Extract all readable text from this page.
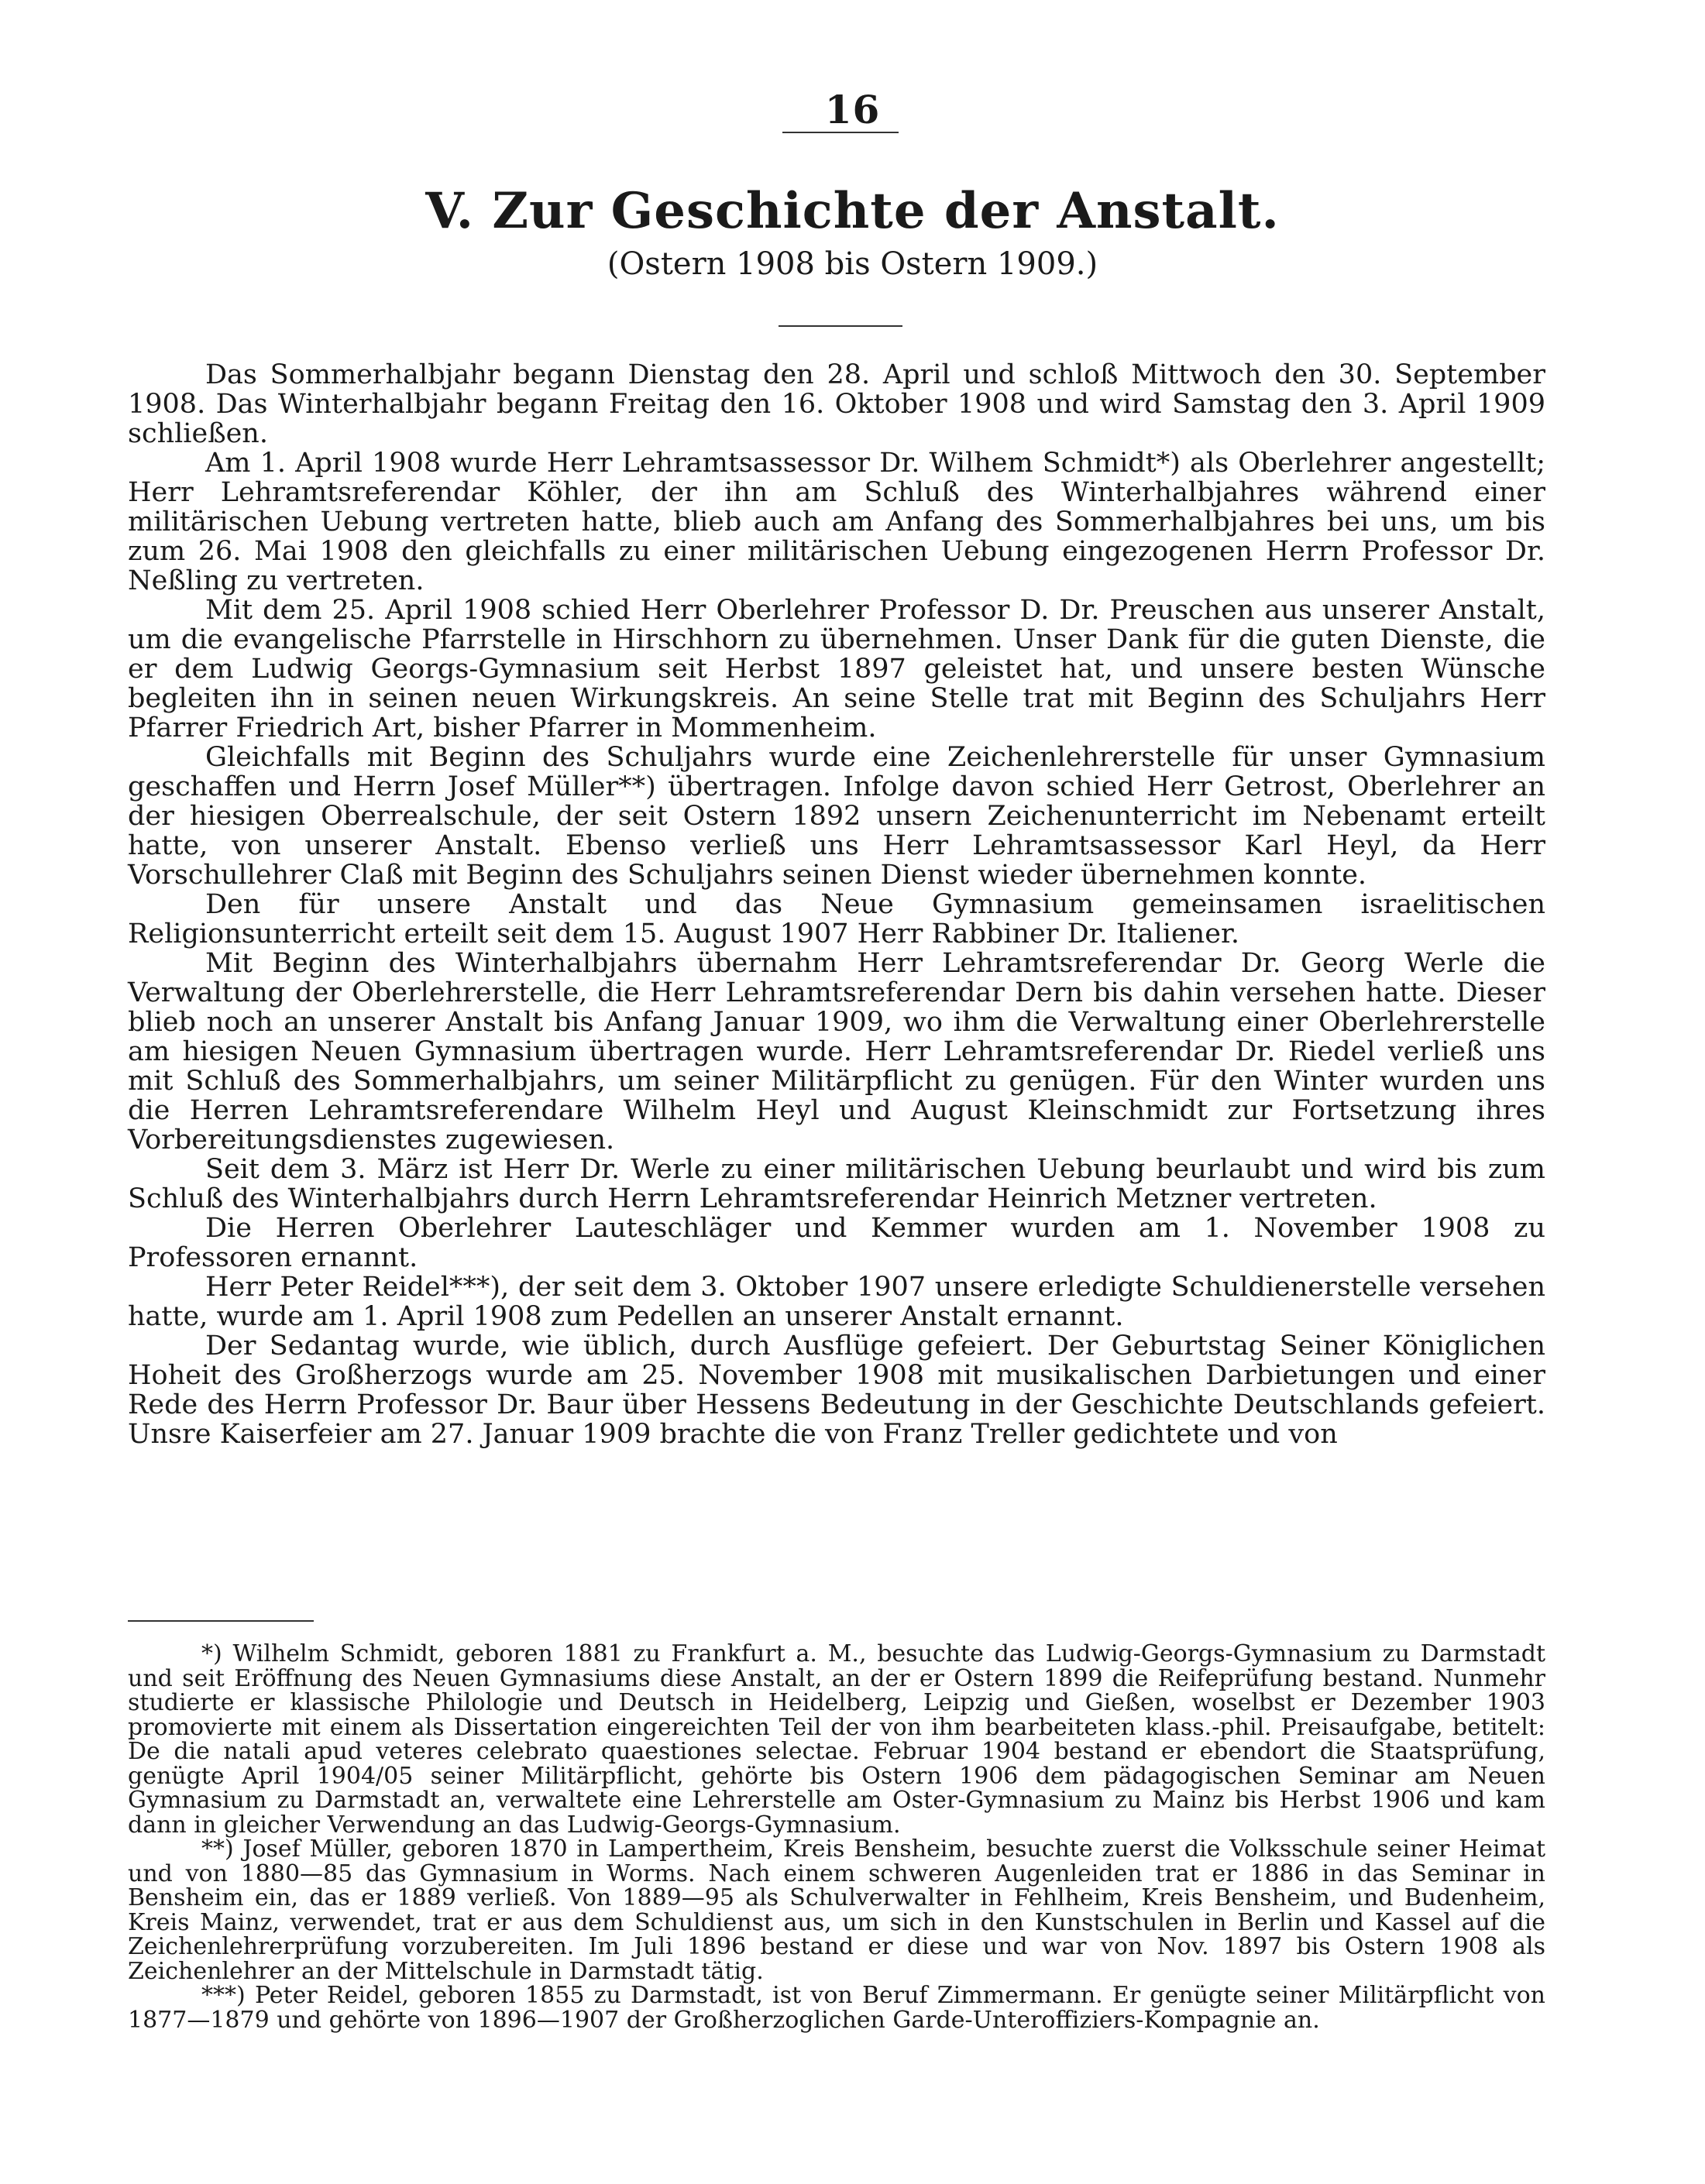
16
V. Zur Geschichte der Anstalt.
(Ostern 1908 bis Ostern 1909.)

Das Sommerhalbjahr begann Dienstag den 28. April und schloß Mittwoch den 30. September 1908. Das Winterhalbjahr begann Freitag den 16. Oktober 1908 und wird Samstag den 3. April 1909 schließen.

Am 1. April 1908 wurde Herr Lehramtsassessor Dr. Wilhem Schmidt*) als Oberlehrer angestellt; Herr Lehramtsreferendar Köhler, der ihn am Schluß des Winterhalbjahres während einer militärischen Uebung vertreten hatte, blieb auch am Anfang des Sommerhalbjahres bei uns, um bis zum 26. Mai 1908 den gleichfalls zu einer militärischen Uebung eingezogenen Herrn Professor Dr. Neßling zu vertreten.

Mit dem 25. April 1908 schied Herr Oberlehrer Professor D. Dr. Preuschen aus unserer Anstalt, um die evangelische Pfarrstelle in Hirschhorn zu übernehmen. Unser Dank für die guten Dienste, die er dem Ludwig Georgs-Gymnasium seit Herbst 1897 geleistet hat, und unsere besten Wünsche begleiten ihn in seinen neuen Wirkungskreis. An seine Stelle trat mit Beginn des Schuljahrs Herr Pfarrer Friedrich Art, bisher Pfarrer in Mommenheim.

Gleichfalls mit Beginn des Schuljahrs wurde eine Zeichenlehrerstelle für unser Gymnasium geschaffen und Herrn Josef Müller**) übertragen. Infolge davon schied Herr Getrost, Oberlehrer an der hiesigen Oberrealschule, der seit Ostern 1892 unsern Zeichenunterricht im Nebenamt erteilt hatte, von unserer Anstalt. Ebenso verließ uns Herr Lehramtsassessor Karl Heyl, da Herr Vorschullehrer Claß mit Beginn des Schuljahrs seinen Dienst wieder übernehmen konnte.

Den für unsere Anstalt und das Neue Gymnasium gemeinsamen israelitischen Religionsunterricht erteilt seit dem 15. August 1907 Herr Rabbiner Dr. Italiener.

Mit Beginn des Winterhalbjahrs übernahm Herr Lehramtsreferendar Dr. Georg Werle die Verwaltung der Oberlehrerstelle, die Herr Lehramtsreferendar Dern bis dahin versehen hatte. Dieser blieb noch an unserer Anstalt bis Anfang Januar 1909, wo ihm die Verwaltung einer Oberlehrerstelle am hiesigen Neuen Gymnasium übertragen wurde. Herr Lehramtsreferendar Dr. Riedel verließ uns mit Schluß des Sommerhalbjahrs, um seiner Militärpflicht zu genügen. Für den Winter wurden uns die Herren Lehramtsreferendare Wilhelm Heyl und August Kleinschmidt zur Fortsetzung ihres Vorbereitungsdienstes zugewiesen.

Seit dem 3. März ist Herr Dr. Werle zu einer militärischen Uebung beurlaubt und wird bis zum Schluß des Winterhalbjahrs durch Herrn Lehramtsreferendar Heinrich Metzner vertreten.

Die Herren Oberlehrer Lauteschläger und Kemmer wurden am 1. November 1908 zu Professoren ernannt.

Herr Peter Reidel***), der seit dem 3. Oktober 1907 unsere erledigte Schuldienerstelle versehen hatte, wurde am 1. April 1908 zum Pedellen an unserer Anstalt ernannt.

Der Sedantag wurde, wie üblich, durch Ausflüge gefeiert. Der Geburtstag Seiner Königlichen Hoheit des Großherzogs wurde am 25. November 1908 mit musikalischen Darbietungen und einer Rede des Herrn Professor Dr. Baur über Hessens Bedeutung in der Geschichte Deutschlands gefeiert. Unsre Kaiserfeier am 27. Januar 1909 brachte die von Franz Treller gedichtete und von

*) Wilhelm Schmidt, geboren 1881 zu Frankfurt a. M., besuchte das Ludwig-Georgs-Gymnasium zu Darmstadt und seit Eröffnung des Neuen Gymnasiums diese Anstalt, an der er Ostern 1899 die Reifeprüfung bestand. Nunmehr studierte er klassische Philologie und Deutsch in Heidelberg, Leipzig und Gießen, woselbst er Dezember 1903 promovierte mit einem als Dissertation eingereichten Teil der von ihm bearbeiteten klass.-phil. Preisaufgabe, betitelt: De die natali apud veteres celebrato quaestiones selectae. Februar 1904 bestand er ebendort die Staatsprüfung, genügte April 1904/05 seiner Militärpflicht, gehörte bis Ostern 1906 dem pädagogischen Seminar am Neuen Gymnasium zu Darmstadt an, verwaltete eine Lehrerstelle am Oster-Gymnasium zu Mainz bis Herbst 1906 und kam dann in gleicher Verwendung an das Ludwig-Georgs-Gymnasium.

**) Josef Müller, geboren 1870 in Lampertheim, Kreis Bensheim, besuchte zuerst die Volksschule seiner Heimat und von 1880—85 das Gymnasium in Worms. Nach einem schweren Augenleiden trat er 1886 in das Seminar in Bensheim ein, das er 1889 verließ. Von 1889—95 als Schulverwalter in Fehlheim, Kreis Bensheim, und Budenheim, Kreis Mainz, verwendet, trat er aus dem Schuldienst aus, um sich in den Kunstschulen in Berlin und Kassel auf die Zeichenlehrerprüfung vorzubereiten. Im Juli 1896 bestand er diese und war von Nov. 1897 bis Ostern 1908 als Zeichenlehrer an der Mittelschule in Darmstadt tätig.

***) Peter Reidel, geboren 1855 zu Darmstadt, ist von Beruf Zimmermann. Er genügte seiner Militärpflicht von 1877—1879 und gehörte von 1896—1907 der Großherzoglichen Garde-Unteroffiziers-Kompagnie an.
